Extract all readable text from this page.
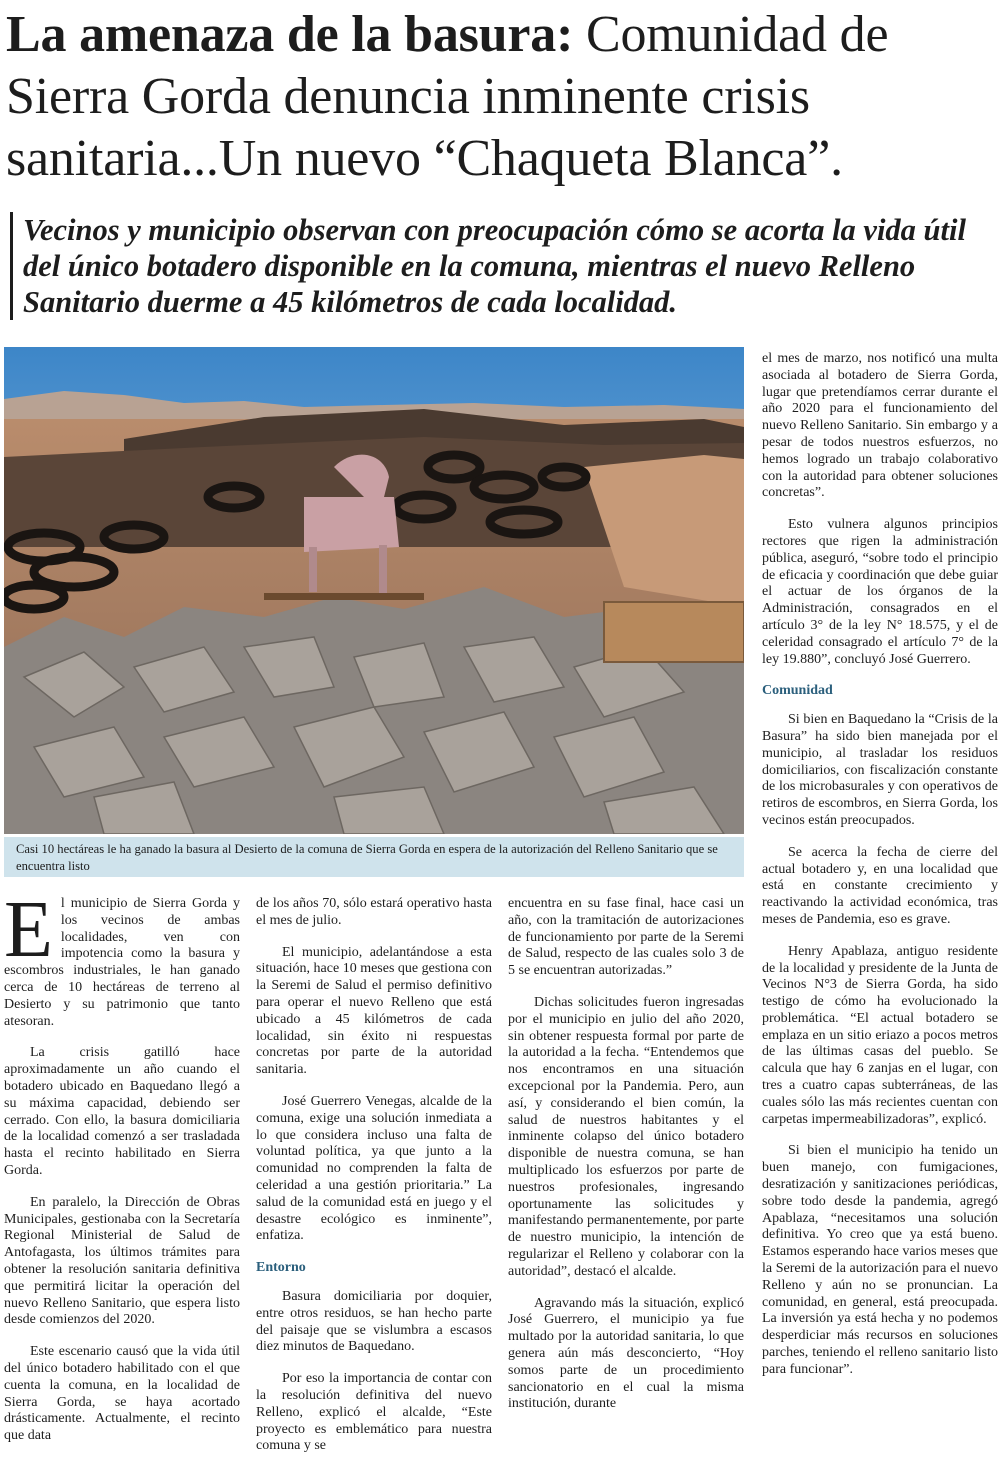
La amenaza de la basura: Comunidad de Sierra Gorda denuncia inminente crisis sanitaria...Un nuevo “Chaqueta Blanca”.
Vecinos y municipio observan con preocupación cómo se acorta la vida útil del único botadero disponible en la comuna, mientras el nuevo Relleno Sanitario duerme a 45 kilómetros de cada localidad.
Casi 10 hectáreas le ha ganado la basura al Desierto de la comuna de Sierra Gorda en espera de la autorización del Relleno Sanitario que se encuentra listo

El municipio de Sierra Gorda y los vecinos de ambas localidades, ven con impotencia como la basura y escombros industriales, le han ganado cerca de 10 hectáreas de terreno al Desierto y su patrimonio que tanto atesoran.

La crisis gatilló hace aproximadamente un año cuando el botadero ubicado en Baquedano llegó a su máxima capacidad, debiendo ser cerrado. Con ello, la basura domiciliaria de la localidad comenzó a ser trasladada hasta el recinto habilitado en Sierra Gorda.

En paralelo, la Dirección de Obras Municipales, gestionaba con la Secretaría Regional Ministerial de Salud de Antofagasta, los últimos trámites para obtener la resolución sanitaria definitiva que permitirá licitar la operación del nuevo Relleno Sanitario, que espera listo desde comienzos del 2020.

Este escenario causó que la vida útil del único botadero habilitado con el que cuenta la comuna, en la localidad de Sierra Gorda, se haya acortado drásticamente. Actualmente, el recinto que data

de los años 70, sólo estará operativo hasta el mes de julio.

El municipio, adelantándose a esta situación, hace 10 meses que gestiona con la Seremi de Salud el permiso definitivo para operar el nuevo Relleno que está ubicado a 45 kilómetros de cada localidad, sin éxito ni respuestas concretas por parte de la autoridad sanitaria.

José Guerrero Venegas, alcalde de la comuna, exige una solución inmediata a lo que considera incluso una falta de voluntad política, ya que junto a la comunidad no comprenden la falta de celeridad a una gestión prioritaria.” La salud de la comunidad está en juego y el desastre ecológico es inminente”, enfatiza.

Entorno

Basura domiciliaria por doquier, entre otros residuos, se han hecho parte del paisaje que se vislumbra a escasos diez minutos de Baquedano.

Por eso la importancia de contar con la resolución definitiva del nuevo Relleno, explicó el alcalde, “Este proyecto es emblemático para nuestra comuna y se

encuentra en su fase final, hace casi un año, con la tramitación de autorizaciones de funcionamiento por parte de la Seremi de Salud, respecto de las cuales solo 3 de 5 se encuentran autorizadas.”

Dichas solicitudes fueron ingresadas por el municipio en julio del año 2020, sin obtener respuesta formal por parte de la autoridad a la fecha. “Entendemos que nos encontramos en una situación excepcional por la Pandemia. Pero, aun así, y considerando el bien común, la salud de nuestros habitantes y el inminente colapso del único botadero disponible de nuestra comuna, se han multiplicado los esfuerzos por parte de nuestros profesionales, ingresando oportunamente las solicitudes y manifestando permanentemente, por parte de nuestro municipio, la intención de regularizar el Relleno y colaborar con la autoridad”, destacó el alcalde.

Agravando más la situación, explicó José Guerrero, el municipio ya fue multado por la autoridad sanitaria, lo que genera aún más desconcierto, “Hoy somos parte de un procedimiento sancionatorio en el cual la misma institución, durante

el mes de marzo, nos notificó una multa asociada al botadero de Sierra Gorda, lugar que pretendíamos cerrar durante el año 2020 para el funcionamiento del nuevo Relleno Sanitario. Sin embargo y a pesar de todos nuestros esfuerzos, no hemos logrado un trabajo colaborativo con la autoridad para obtener soluciones concretas”.

Esto vulnera algunos principios rectores que rigen la administración pública, aseguró, “sobre todo el principio de eficacia y coordinación que debe guiar el actuar de los órganos de la Administración, consagrados en el artículo 3° de la ley N° 18.575, y el de celeridad consagrado el artículo 7° de la ley 19.880”, concluyó José Guerrero.

Comunidad

Si bien en Baquedano la “Crisis de la Basura” ha sido bien manejada por el municipio, al trasladar los residuos domiciliarios, con fiscalización constante de los microbasurales y con operativos de retiros de escombros, en Sierra Gorda, los vecinos están preocupados.

Se acerca la fecha de cierre del actual botadero y, en una localidad que está en constante crecimiento y reactivando la actividad económica, tras meses de Pandemia, eso es grave.

Henry Apablaza, antiguo residente de la localidad y presidente de la Junta de Vecinos N°3 de Sierra Gorda, ha sido testigo de cómo ha evolucionado la problemática. “El actual botadero se emplaza en un sitio eriazo a pocos metros de las últimas casas del pueblo. Se calcula que hay 6 zanjas en el lugar, con tres a cuatro capas subterráneas, de las cuales sólo las más recientes cuentan con carpetas impermeabilizadoras”, explicó.

Si bien el municipio ha tenido un buen manejo, con fumigaciones, desratización y sanitizaciones periódicas, sobre todo desde la pandemia, agregó Apablaza, “necesitamos una solución definitiva. Yo creo que ya está bueno. Estamos esperando hace varios meses que la Seremi de la autorización para el nuevo Relleno y aún no se pronuncian. La comunidad, en general, está preocupada. La inversión ya está hecha y no podemos desperdiciar más recursos en soluciones parches, teniendo el relleno sanitario listo para funcionar”.
